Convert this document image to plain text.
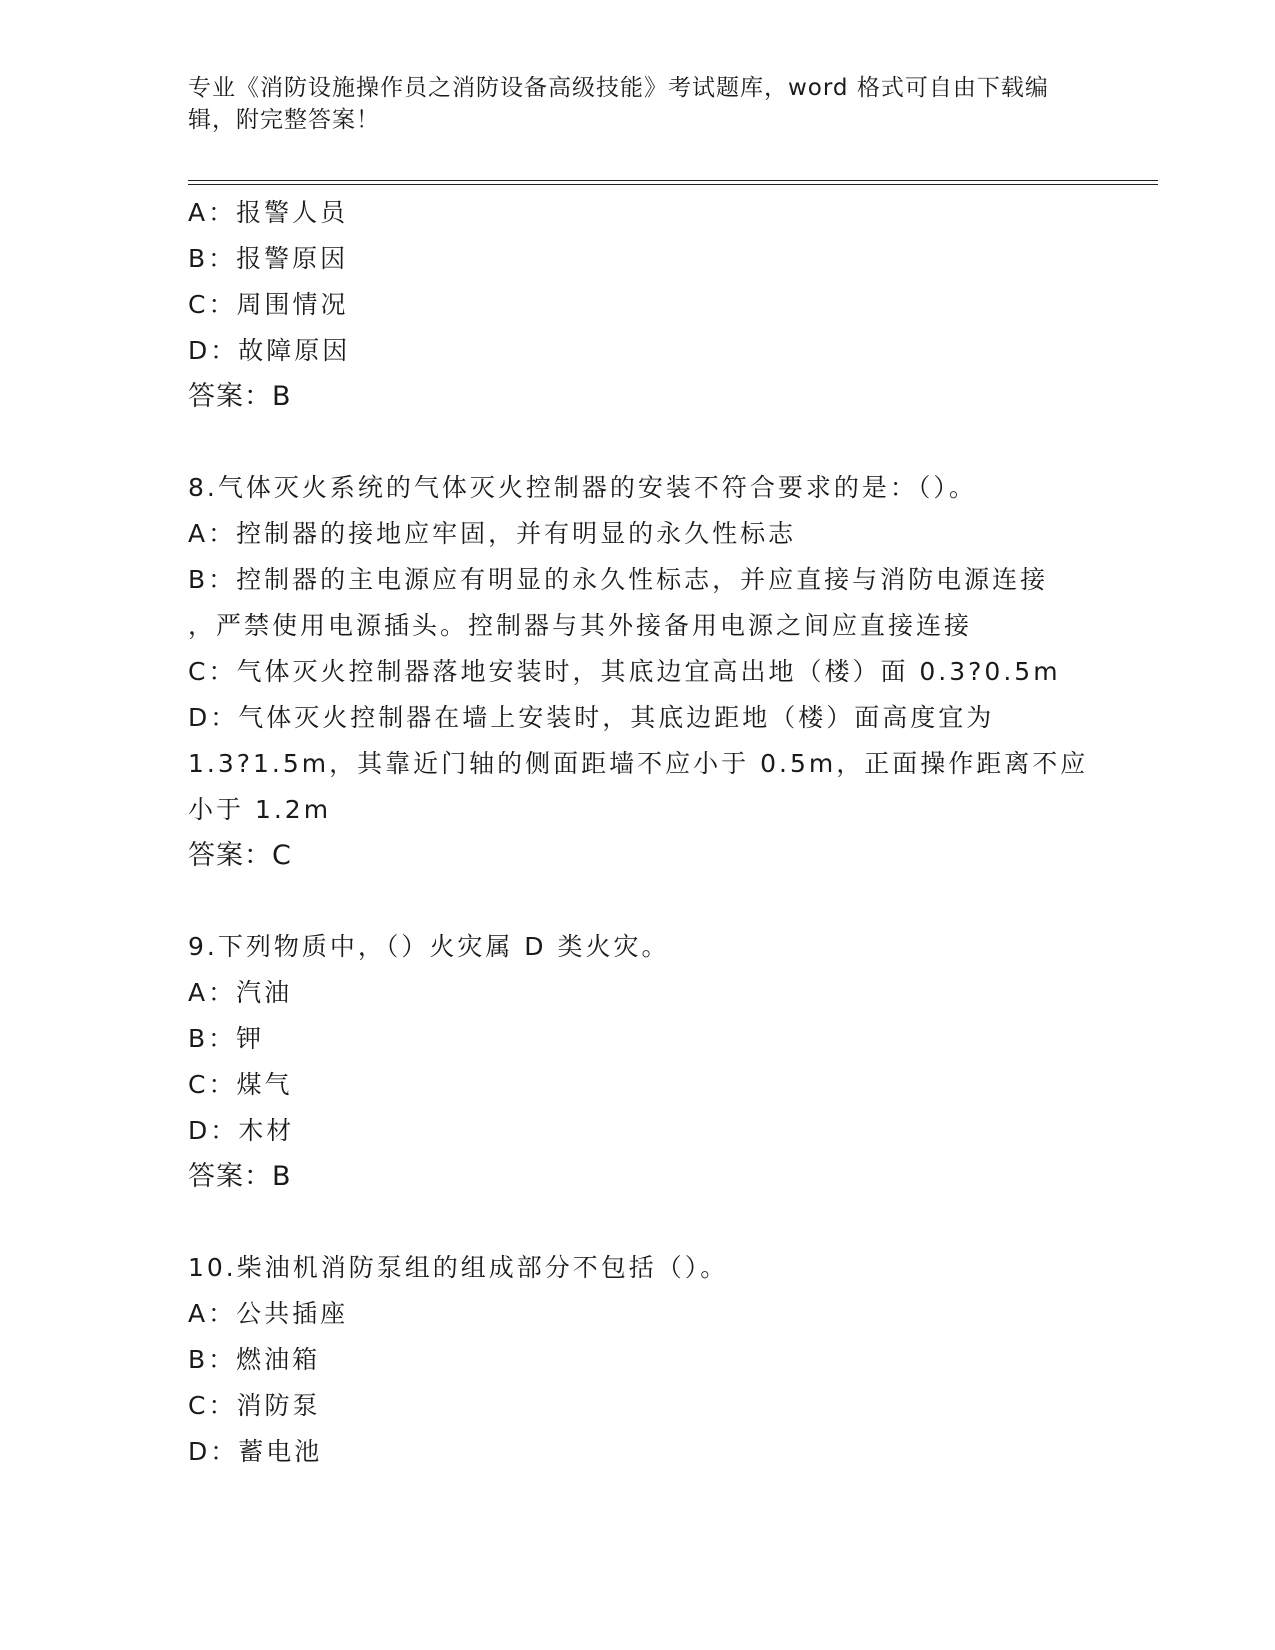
专业《消防设施操作员之消防设备高级技能》考试题库，word 格式可自由下载编
辑，附完整答案！
A：报警人员
B：报警原因
C：周围情况
D：故障原因
答案：B
8.气体灭火系统的气体灭火控制器的安装不符合要求的是：（）。
A：控制器的接地应牢固，并有明显的永久性标志
B：控制器的主电源应有明显的永久性标志，并应直接与消防电源连接
，严禁使用电源插头。控制器与其外接备用电源之间应直接连接
C：气体灭火控制器落地安装时，其底边宜高出地（楼）面 0.3?0.5m
D：气体灭火控制器在墙上安装时，其底边距地（楼）面高度宜为
1.3?1.5m，其靠近门轴的侧面距墙不应小于 0.5m，正面操作距离不应
小于 1.2m
答案：C
9.下列物质中，（）火灾属 D 类火灾。
A：汽油
B：钾
C：煤气
D：木材
答案：B
10.柴油机消防泵组的组成部分不包括（）。
A：公共插座
B：燃油箱
C：消防泵
D：蓄电池
